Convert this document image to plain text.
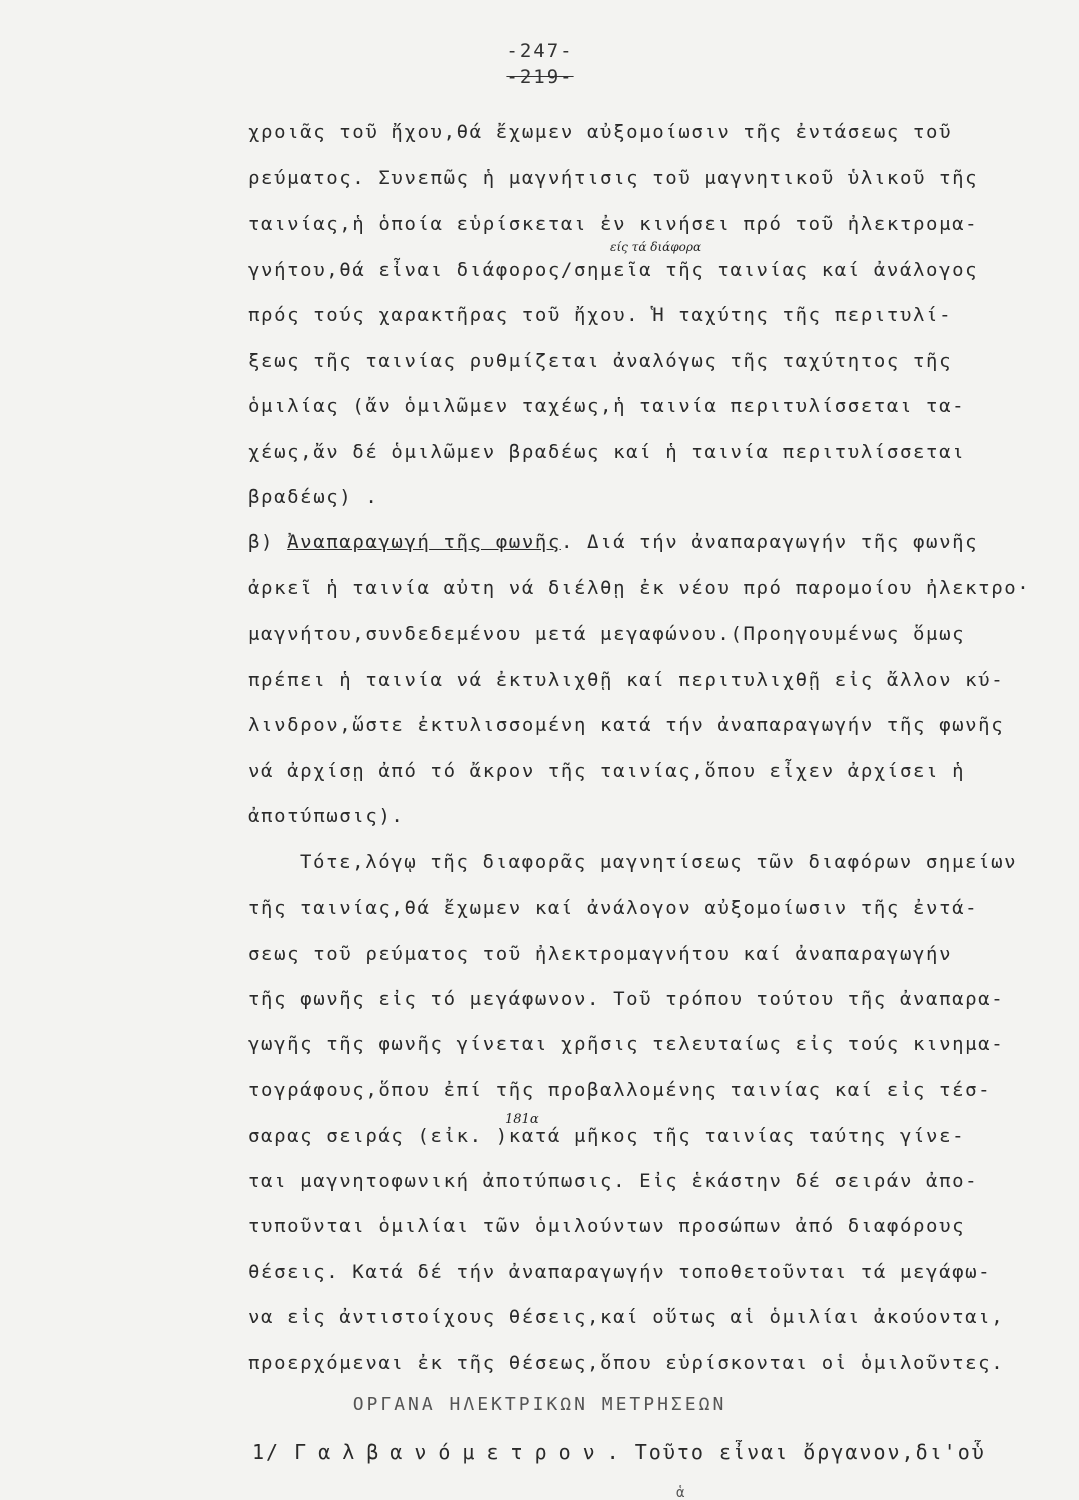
-247-
-219-
είς τά διάφορα
χροιᾶς τοῦ ἤχου,θά ἔχωμεν αὐξομοίωσιν τῆς ἐντάσεως τοῦ
ρεύματος. Συνεπῶς ἡ μαγνήτισις τοῦ μαγνητικοῦ ὑλικοῦ τῆς
ταινίας,ἡ ὁποία εὑρίσκεται ἐν κινήσει πρό τοῦ ἠλεκτρομα-
γνήτου,θά εἶναι διάφορος/σημεῖα τῆς ταινίας καί ἀνάλογος
πρός τούς χαρακτῆρας τοῦ ἤχου. Ἡ ταχύτης τῆς περιτυλί-
ξεως τῆς ταινίας ρυθμίζεται ἀναλόγως τῆς ταχύτητος τῆς
ὁμιλίας (ἄν ὁμιλῶμεν ταχέως,ἡ ταινία περιτυλίσσεται τα-
χέως,ἄν δέ ὁμιλῶμεν βραδέως καί ἡ ταινία περιτυλίσσεται
βραδέως) .
β) Ἀναπαραγωγή τῆς φωνῆς. Διά τήν ἀναπαραγωγήν τῆς φωνῆς
ἀρκεῖ ἡ ταινία αὐτη νά διέλθῃ ἐκ νέου πρό παρομοίου ἠλεκτρο·
μαγνήτου,συνδεδεμένου μετά μεγαφώνου.(Προηγουμένως ὅμως
πρέπει ἡ ταινία νά ἐκτυλιχθῇ καί περιτυλιχθῇ εἰς ἄλλον κύ-
λινδρον,ὥστε ἐκτυλισσομένη κατά τήν ἀναπαραγωγήν τῆς φωνῆς
νά ἀρχίσῃ ἀπό τό ἄκρον τῆς ταινίας,ὅπου εἶχεν ἀρχίσει ἡ
ἀποτύπωσις).
Τότε,λόγῳ τῆς διαφορᾶς μαγνητίσεως τῶν διαφόρων σημείων
τῆς ταινίας,θά ἔχωμεν καί ἀνάλογον αὐξομοίωσιν τῆς ἐντά-
σεως τοῦ ρεύματος τοῦ ἠλεκτρομαγνήτου καί ἀναπαραγωγήν
τῆς φωνῆς εἰς τό μεγάφωνον. Τοῦ τρόπου τούτου τῆς ἀναπαρα-
γωγῆς τῆς φωνῆς γίνεται χρῆσις τελευταίως εἰς τούς κινημα-
τογράφους,ὅπου ἐπί τῆς προβαλλομένης ταινίας καί εἰς τέσ-
σαρας σειράς (εἰκ. )κατά μῆκος τῆς ταινίας ταύτης γίνε-
181α
ται μαγνητοφωνική ἀποτύπωσις. Εἰς ἑκάστην δέ σειράν ἀπο-
τυποῦνται ὁμιλίαι τῶν ὁμιλούντων προσώπων ἀπό διαφόρους
θέσεις. Κατά δέ τήν ἀναπαραγωγήν τοποθετοῦνται τά μεγάφω-
να εἰς ἀντιστοίχους θέσεις,καί οὕτως αἱ ὁμιλίαι ἀκούονται,
προερχόμεναι ἐκ τῆς θέσεως,ὅπου εὑρίσκονται οἱ ὁμιλοῦντες.
ΟΡΓΑΝΑ ΗΛΕΚΤΡΙΚΩΝ ΜΕΤΡΗΣΕΩΝ
1/ Γαλβανόμετρον. Τοῦτο εἶναι ὄργανον,δι'οὗ
ἁ
